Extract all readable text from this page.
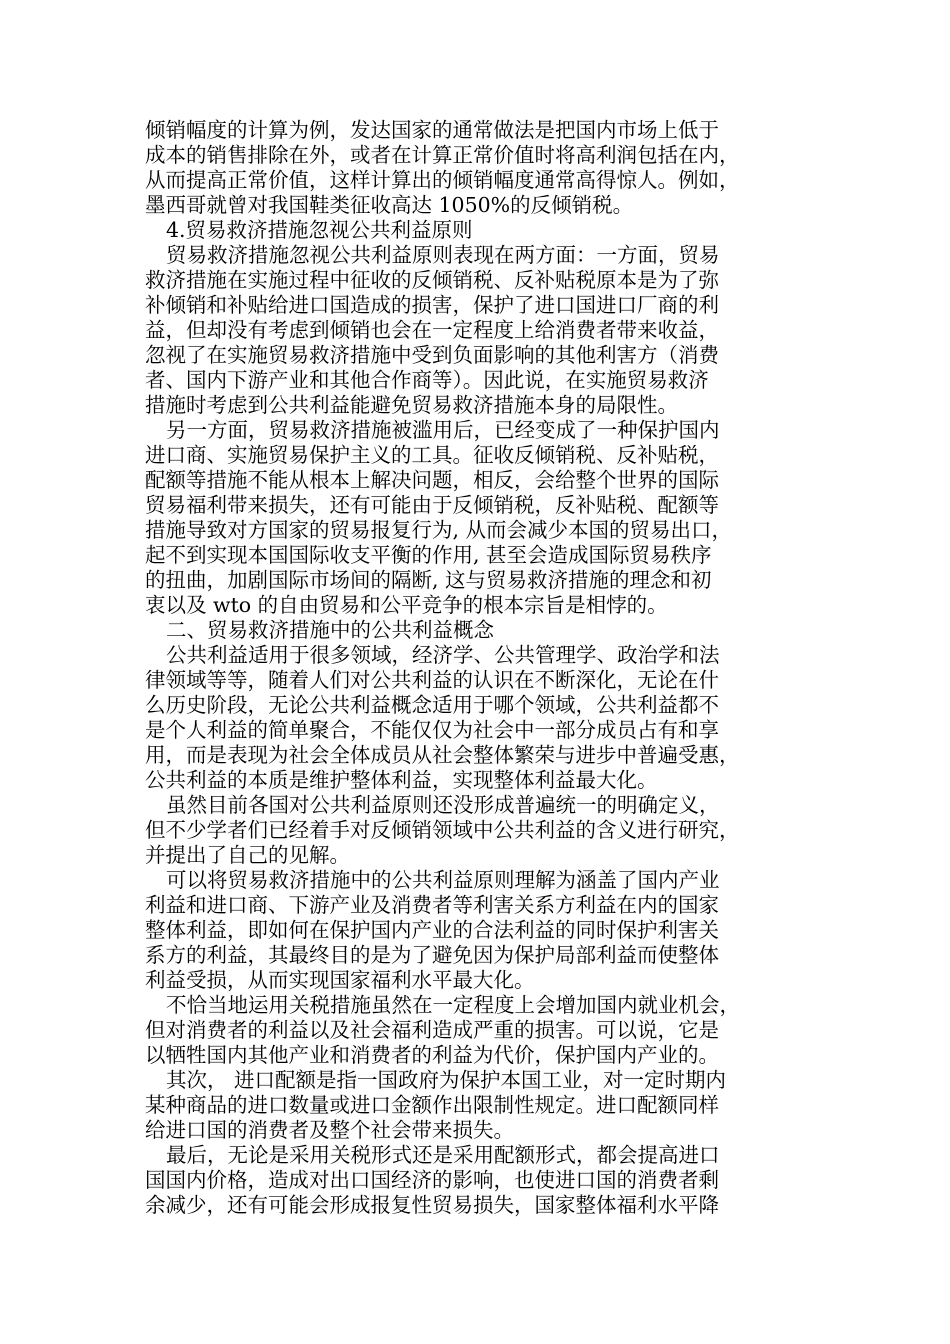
倾销幅度的计算为例，发达国家的通常做法是把国内市场上低于
成本的销售排除在外，或者在计算正常价值时将高利润包括在内，
从而提高正常价值，这样计算出的倾销幅度通常高得惊人。例如，
墨西哥就曾对我国鞋类征收高达 1050%的反倾销税。
4.贸易救济措施忽视公共利益原则
贸易救济措施忽视公共利益原则表现在两方面：一方面，贸易
救济措施在实施过程中征收的反倾销税、反补贴税原本是为了弥
补倾销和补贴给进口国造成的损害，保护了进口国进口厂商的利
益，但却没有考虑到倾销也会在一定程度上给消费者带来收益，
忽视了在实施贸易救济措施中受到负面影响的其他利害方（消费
者、国内下游产业和其他合作商等）。因此说，在实施贸易救济
措施时考虑到公共利益能避免贸易救济措施本身的局限性。
另一方面，贸易救济措施被滥用后，已经变成了一种保护国内
进口商、实施贸易保护主义的工具。征收反倾销税、反补贴税，
配额等措施不能从根本上解决问题，相反，会给整个世界的国际
贸易福利带来损失，还有可能由于反倾销税，反补贴税、配额等
措施导致对方国家的贸易报复行为, 从而会减少本国的贸易出口，
起不到实现本国国际收支平衡的作用, 甚至会造成国际贸易秩序
的扭曲，加剧国际市场间的隔断, 这与贸易救济措施的理念和初
衷以及 wto 的自由贸易和公平竞争的根本宗旨是相悖的。
二、贸易救济措施中的公共利益概念
公共利益适用于很多领域，经济学、公共管理学、政治学和法
律领域等等，随着人们对公共利益的认识在不断深化，无论在什
么历史阶段，无论公共利益概念适用于哪个领域，公共利益都不
是个人利益的简单聚合，不能仅仅为社会中一部分成员占有和享
用，而是表现为社会全体成员从社会整体繁荣与进步中普遍受惠，
公共利益的本质是维护整体利益，实现整体利益最大化。
虽然目前各国对公共利益原则还没形成普遍统一的明确定义，
但不少学者们已经着手对反倾销领域中公共利益的含义进行研究，
并提出了自己的见解。
可以将贸易救济措施中的公共利益原则理解为涵盖了国内产业
利益和进口商、下游产业及消费者等利害关系方利益在内的国家
整体利益，即如何在保护国内产业的合法利益的同时保护利害关
系方的利益，其最终目的是为了避免因为保护局部利益而使整体
利益受损，从而实现国家福利水平最大化。
不恰当地运用关税措施虽然在一定程度上会增加国内就业机会，
但对消费者的利益以及社会福利造成严重的损害。可以说，它是
以牺牲国内其他产业和消费者的利益为代价，保护国内产业的。
其次， 进口配额是指一国政府为保护本国工业，对一定时期内
某种商品的进口数量或进口金额作出限制性规定。进口配额同样
给进口国的消费者及整个社会带来损失。
最后，无论是采用关税形式还是采用配额形式，都会提高进口
国国内价格，造成对出口国经济的影响，也使进口国的消费者剩
余减少，还有可能会形成报复性贸易损失，国家整体福利水平降
